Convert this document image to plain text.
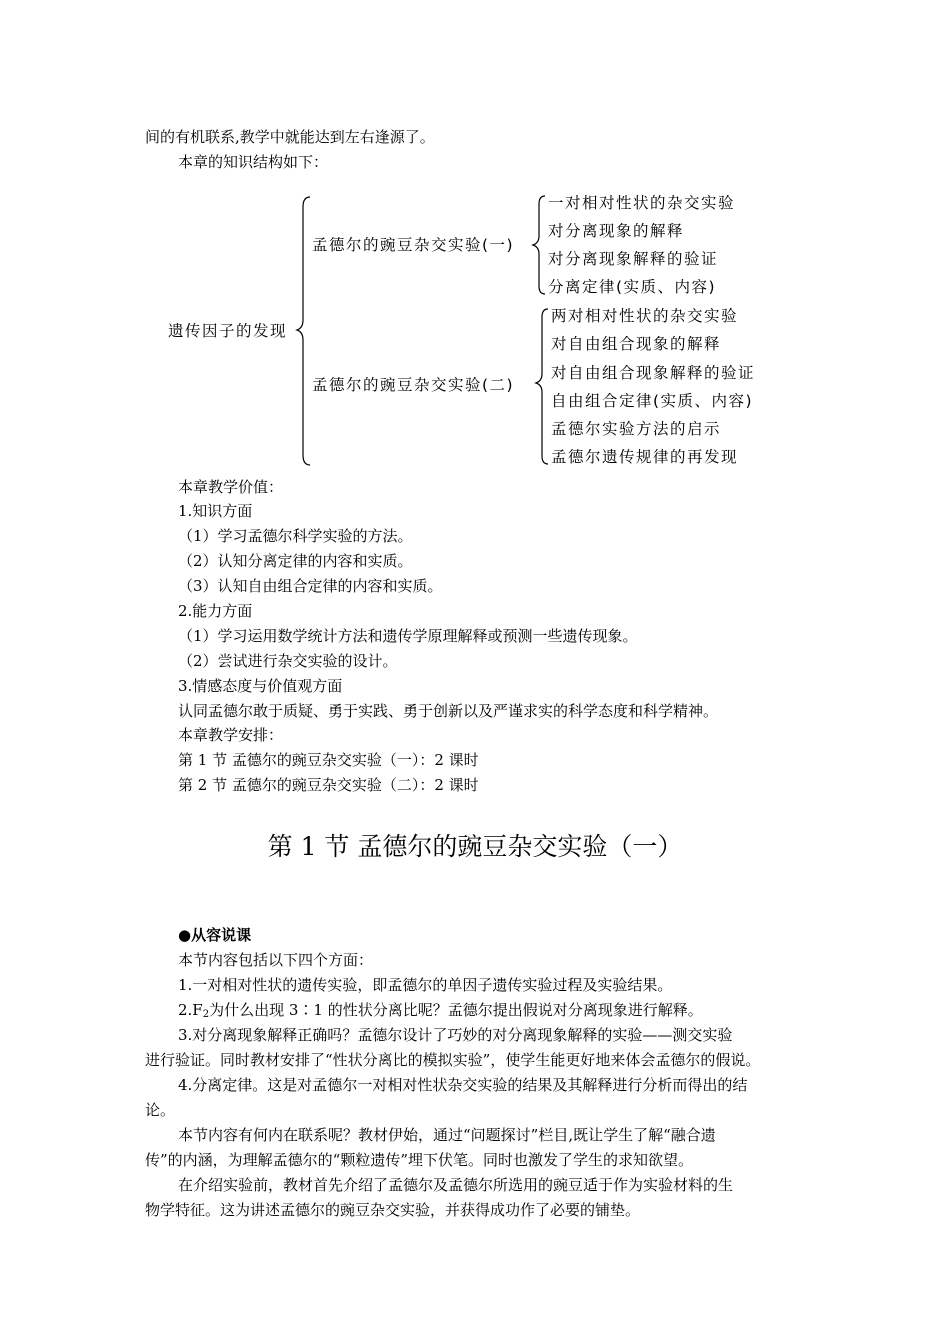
间的有机联系,教学中就能达到左右逢源了。
本章的知识结构如下：
遗传因子的发现
孟德尔的豌豆杂交实验(一)
一对相对性状的杂交实验
对分离现象的解释
对分离现象解释的验证
分离定律(实质、内容)
孟德尔的豌豆杂交实验(二)
两对相对性状的杂交实验
对自由组合现象的解释
对自由组合现象解释的验证
自由组合定律(实质、内容)
孟德尔实验方法的启示
孟德尔遗传规律的再发现
本章教学价值：
1.知识方面
（1）学习孟德尔科学实验的方法。
（2）认知分离定律的内容和实质。
（3）认知自由组合定律的内容和实质。
2.能力方面
（1）学习运用数学统计方法和遗传学原理解释或预测一些遗传现象。
（2）尝试进行杂交实验的设计。
3.情感态度与价值观方面
认同孟德尔敢于质疑、勇于实践、勇于创新以及严谨求实的科学态度和科学精神。
本章教学安排：
第 1 节 孟德尔的豌豆杂交实验（一）：2 课时
第 2 节 孟德尔的豌豆杂交实验（二）：2 课时
第 1 节 孟德尔的豌豆杂交实验（一）
●从容说课
本节内容包括以下四个方面：
1.一对相对性状的遗传实验，即孟德尔的单因子遗传实验过程及实验结果。
$2.F_2$为什么出现 3∶1 的性状分离比呢？孟德尔提出假说对分离现象进行解释。
3.对分离现象解释正确吗？孟德尔设计了巧妙的对分离现象解释的实验——测交实验
进行验证。同时教材安排了“性状分离比的模拟实验”，使学生能更好地来体会孟德尔的假说。
4.分离定律。这是对孟德尔一对相对性状杂交实验的结果及其解释进行分析而得出的结
论。
本节内容有何内在联系呢？教材伊始，通过“问题探讨”栏目,既让学生了解“融合遗
传”的内涵，为理解孟德尔的“颗粒遗传”埋下伏笔。同时也激发了学生的求知欲望。
在介绍实验前，教材首先介绍了孟德尔及孟德尔所选用的豌豆适于作为实验材料的生
物学特征。这为讲述孟德尔的豌豆杂交实验，并获得成功作了必要的铺垫。
